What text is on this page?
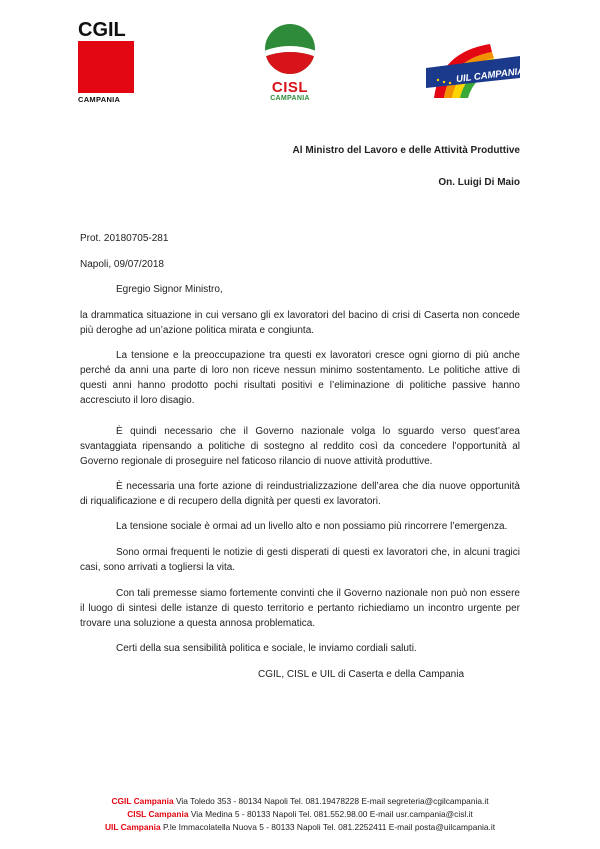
CGIL
CAMPANIA
CISL
CAMPANIA
UIL CAMPANIA
Al Ministro del Lavoro e delle Attività Produttive
On. Luigi Di Maio
Prot. 20180705-281
Napoli, 09/07/2018
Egregio Signor Ministro,

la drammatica situazione in cui versano gli ex lavoratori del bacino di crisi di Caserta non concede più deroghe ad un’azione politica mirata e congiunta.

La tensione e la preoccupazione tra questi ex lavoratori cresce ogni giorno di più anche perché da anni una parte di loro non riceve nessun minimo sostentamento. Le politiche attive di questi anni hanno prodotto pochi risultati positivi e l’eliminazione di politiche passive hanno accresciuto il loro disagio.

È quindi necessario che il Governo nazionale volga lo sguardo verso quest’area svantaggiata ripensando a politiche di sostegno al reddito così da concedere l’opportunità al Governo regionale di proseguire nel faticoso rilancio di nuove attività produttive.

È necessaria una forte azione di reindustrializzazione dell’area che dia nuove opportunità di riqualificazione e di recupero della dignità per questi ex lavoratori.

La tensione sociale è ormai ad un livello alto e non possiamo più rincorrere l’emergenza.

Sono ormai frequenti le notizie di gesti disperati di questi ex lavoratori che, in alcuni tragici casi, sono arrivati a togliersi la vita.

Con tali premesse siamo fortemente convinti che il Governo nazionale non può non essere il luogo di sintesi delle istanze di questo territorio e pertanto richiediamo un incontro urgente per trovare una soluzione a questa annosa problematica.

Certi della sua sensibilità politica e sociale, le inviamo cordiali saluti.

CGIL, CISL e UIL di Caserta e della Campania
CGIL Campania Via Toledo 353 - 80134 Napoli Tel. 081.19478228 E-mail segreteria@cgilcampania.it
CISL Campania Via Medina 5 - 80133 Napoli Tel. 081.552.98.00 E-mail usr.campania@cisl.it
UIL Campania P.le Immacolatella Nuova 5 - 80133 Napoli Tel. 081.2252411 E-mail posta@uilcampania.it
